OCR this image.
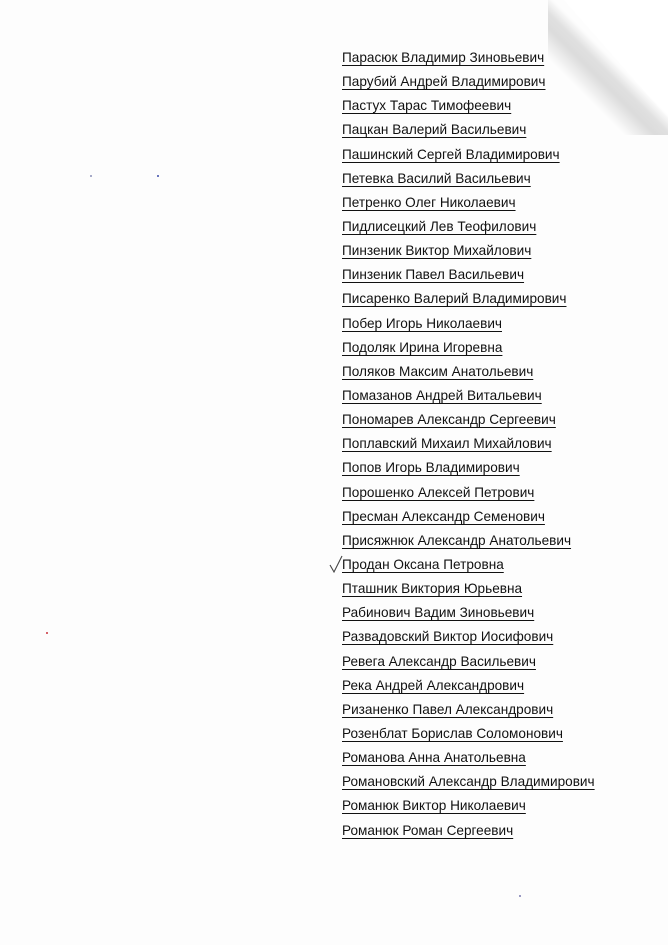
Парасюк Владимир Зиновьевич
Парубий Андрей Владимирович
Пастух Тарас Тимофеевич
Пацкан Валерий Васильевич
Пашинский Сергей Владимирович
Петевка Василий Васильевич
Петренко Олег Николаевич
Пидлисецкий Лев Теофилович
Пинзеник Виктор Михайлович
Пинзеник Павел Васильевич
Писаренко Валерий Владимирович
Побер Игорь Николаевич
Подоляк Ирина Игоревна
Поляков Максим Анатольевич
Помазанов Андрей Витальевич
Пономарев Александр Сергеевич
Поплавский Михаил Михайлович
Попов Игорь Владимирович
Порошенко Алексей Петрович
Пресман Александр Семенович
Присяжнюк Александр Анатольевич
Продан Оксана Петровна
Пташник Виктория Юрьевна
Рабинович Вадим Зиновьевич
Развадовский Виктор Иосифович
Ревега Александр Васильевич
Река Андрей Александрович
Ризаненко Павел Александрович
Розенблат Борислав Соломонович
Романова Анна Анатольевна
Романовский Александр Владимирович
Романюк Виктор Николаевич
Романюк Роман Сергеевич
